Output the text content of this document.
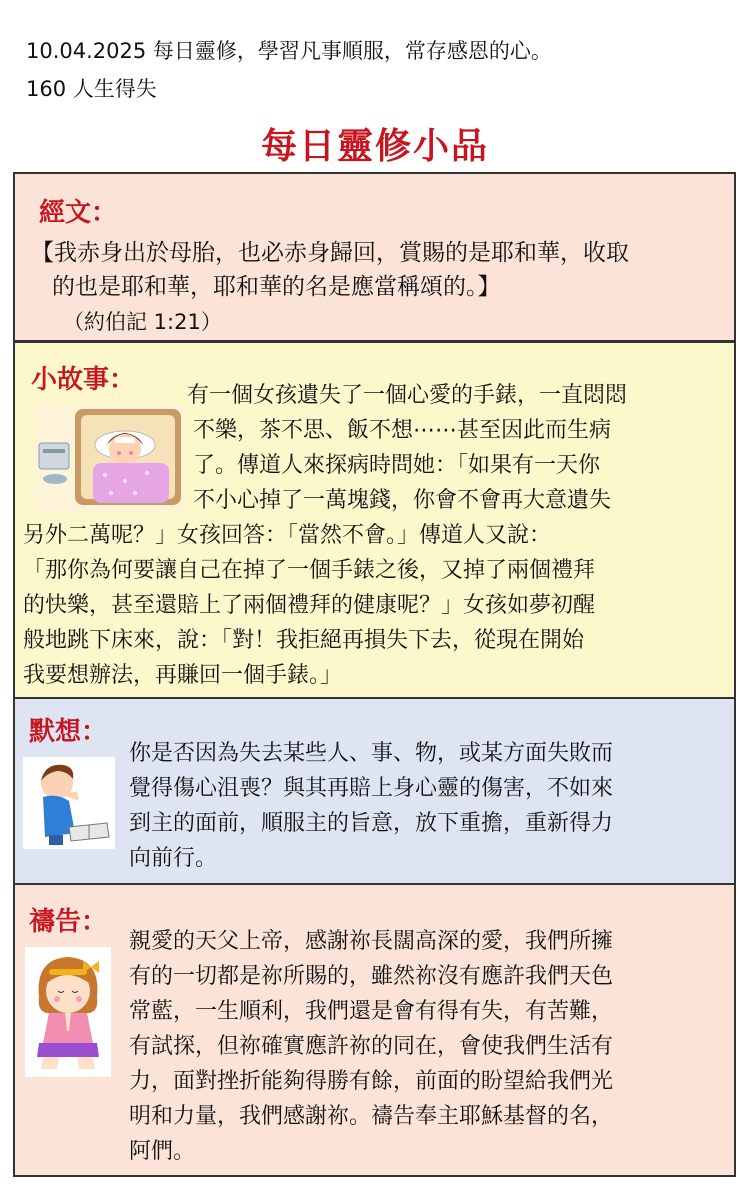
10.04.2025 每日靈修，學習凡事順服，常存感恩的心。
160 人生得失
每日靈修小品
經文：
【我赤身出於母胎，也必赤身歸回，賞賜的是耶和華，收取
的也是耶和華，耶和華的名是應當稱頌的。】
（約伯記 1:21）
小故事：
有一個女孩遺失了一個心愛的手錶，一直悶悶
不樂，茶不思、飯不想⋯⋯甚至因此而生病
了。傳道人來探病時問她：「如果有一天你
不小心掉了一萬塊錢，你會不會再大意遺失
另外二萬呢？」女孩回答：「當然不會。」傳道人又說：
「那你為何要讓自己在掉了一個手錶之後，又掉了兩個禮拜
的快樂，甚至還賠上了兩個禮拜的健康呢？」女孩如夢初醒
般地跳下床來，說：「對！我拒絕再損失下去，從現在開始
我要想辦法，再賺回一個手錶。」
默想：
你是否因為失去某些人、事、物，或某方面失敗而
覺得傷心沮喪？與其再賠上身心靈的傷害，不如來
到主的面前，順服主的旨意，放下重擔，重新得力
向前行。
禱告：
親愛的天父上帝，感謝祢長闊高深的愛，我們所擁
有的一切都是祢所賜的，雖然祢沒有應許我們天色
常藍，一生順利，我們還是會有得有失，有苦難，
有試探，但祢確實應許祢的同在，會使我們生活有
力，面對挫折能夠得勝有餘，前面的盼望給我們光
明和力量，我們感謝祢。禱告奉主耶穌基督的名，
阿們。
